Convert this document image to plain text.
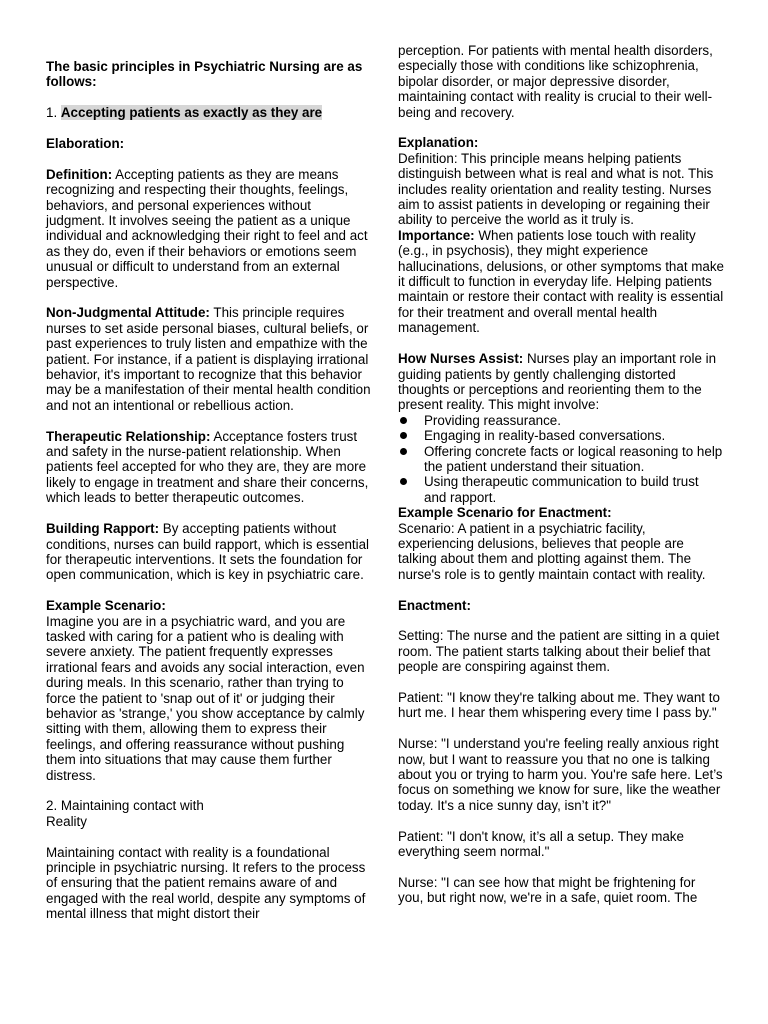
The basic principles in Psychiatric Nursing are as follows:

1. Accepting patients as exactly as they are

Elaboration:

Definition: Accepting patients as they are means recognizing and respecting their thoughts, feelings, behaviors, and personal experiences without judgment. It involves seeing the patient as a unique individual and acknowledging their right to feel and act as they do, even if their behaviors or emotions seem unusual or difficult to understand from an external perspective.

Non-Judgmental Attitude: This principle requires nurses to set aside personal biases, cultural beliefs, or past experiences to truly listen and empathize with the patient. For instance, if a patient is displaying irrational behavior, it's important to recognize that this behavior may be a manifestation of their mental health condition and not an intentional or rebellious action.

Therapeutic Relationship: Acceptance fosters trust and safety in the nurse-patient relationship. When patients feel accepted for who they are, they are more likely to engage in treatment and share their concerns, which leads to better therapeutic outcomes.

Building Rapport: By accepting patients without conditions, nurses can build rapport, which is essential for therapeutic interventions. It sets the foundation for open communication, which is key in psychiatric care.

Example Scenario:

Imagine you are in a psychiatric ward, and you are tasked with caring for a patient who is dealing with severe anxiety. The patient frequently expresses irrational fears and avoids any social interaction, even during meals. In this scenario, rather than trying to force the patient to 'snap out of it' or judging their behavior as 'strange,' you show acceptance by calmly sitting with them, allowing them to express their feelings, and offering reassurance without pushing them into situations that may cause them further distress.

2. Maintaining contact with
Reality

Maintaining contact with reality is a foundational principle in psychiatric nursing. It refers to the process of ensuring that the patient remains aware of and engaged with the real world, despite any symptoms of mental illness that might distort their

perception. For patients with mental health disorders, especially those with conditions like schizophrenia, bipolar disorder, or major depressive disorder, maintaining contact with reality is crucial to their well-being and recovery.

Explanation:

Definition: This principle means helping patients distinguish between what is real and what is not. This includes reality orientation and reality testing. Nurses aim to assist patients in developing or regaining their ability to perceive the world as it truly is.

Importance: When patients lose touch with reality (e.g., in psychosis), they might experience hallucinations, delusions, or other symptoms that make it difficult to function in everyday life. Helping patients maintain or restore their contact with reality is essential for their treatment and overall mental health management.

How Nurses Assist: Nurses play an important role in guiding patients by gently challenging distorted thoughts or perceptions and reorienting them to the present reality. This might involve:

Providing reassurance.
Engaging in reality-based conversations.
Offering concrete facts or logical reasoning to help the patient understand their situation.
Using therapeutic communication to build trust and rapport.

Example Scenario for Enactment:

Scenario: A patient in a psychiatric facility, experiencing delusions, believes that people are talking about them and plotting against them. The nurse's role is to gently maintain contact with reality.

Enactment:

Setting: The nurse and the patient are sitting in a quiet room. The patient starts talking about their belief that people are conspiring against them.

Patient: "I know they're talking about me. They want to hurt me. I hear them whispering every time I pass by."

Nurse: "I understand you're feeling really anxious right now, but I want to reassure you that no one is talking about you or trying to harm you. You're safe here. Let’s focus on something we know for sure, like the weather today. It's a nice sunny day, isn’t it?"

Patient: "I don't know, it’s all a setup. They make everything seem normal."

Nurse: "I can see how that might be frightening for you, but right now, we're in a safe, quiet room. The
